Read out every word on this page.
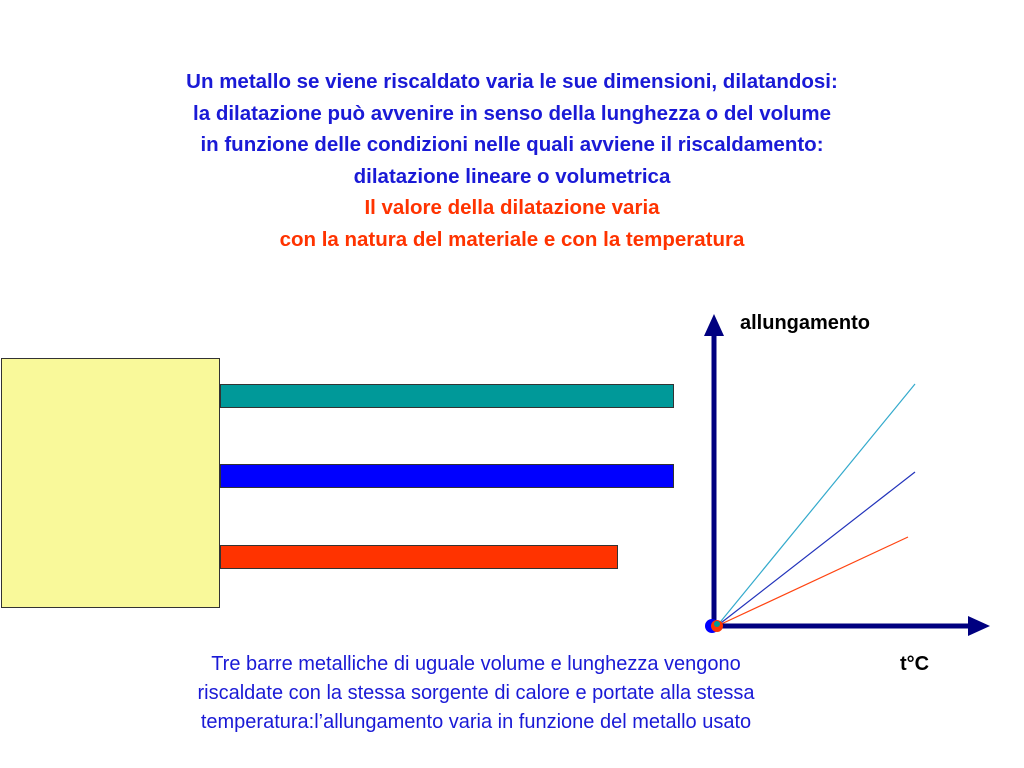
Un metallo se viene riscaldato varia le sue dimensioni, dilatandosi:
la dilatazione può avvenire in senso della lunghezza o del volume
in funzione delle condizioni nelle quali avviene il riscaldamento:
dilatazione lineare o volumetrica
Il valore della dilatazione varia
con la natura del materiale e con la temperatura
allungamento
t°C
Tre barre metalliche di uguale volume e lunghezza vengono
riscaldate con la stessa sorgente di calore e portate alla stessa
temperatura:l’allungamento varia in funzione del metallo usato
